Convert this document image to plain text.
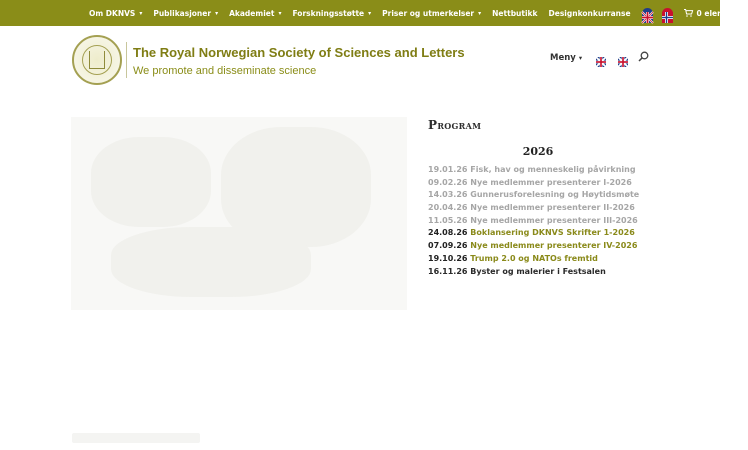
Om DKNVS ▾ Publikasjoner ▾ Akademiet ▾ Forskningsstøtte ▾ Priser og utmerkelser ▾ Nettbutikk Designkonkurranse	0 elementer
The Royal Norwegian Society of Sciences and Letters
We promote and disseminate science
Meny ▾
Program
2026
19.01.26 Fisk, hav og menneskelig påvirkning
09.02.26 Nye medlemmer presenterer I-2026
14.03.26 Gunnerusforelesning og Høytidsmøte
20.04.26 Nye medlemmer presenterer II-2026
11.05.26 Nye medlemmer presenterer III-2026
24.08.26 Boklansering DKNVS Skrifter 1-2026
07.09.26 Nye medlemmer presenterer IV-2026
19.10.26 Trump 2.0 og NATOs fremtid
16.11.26 Byster og malerier i Festsalen
